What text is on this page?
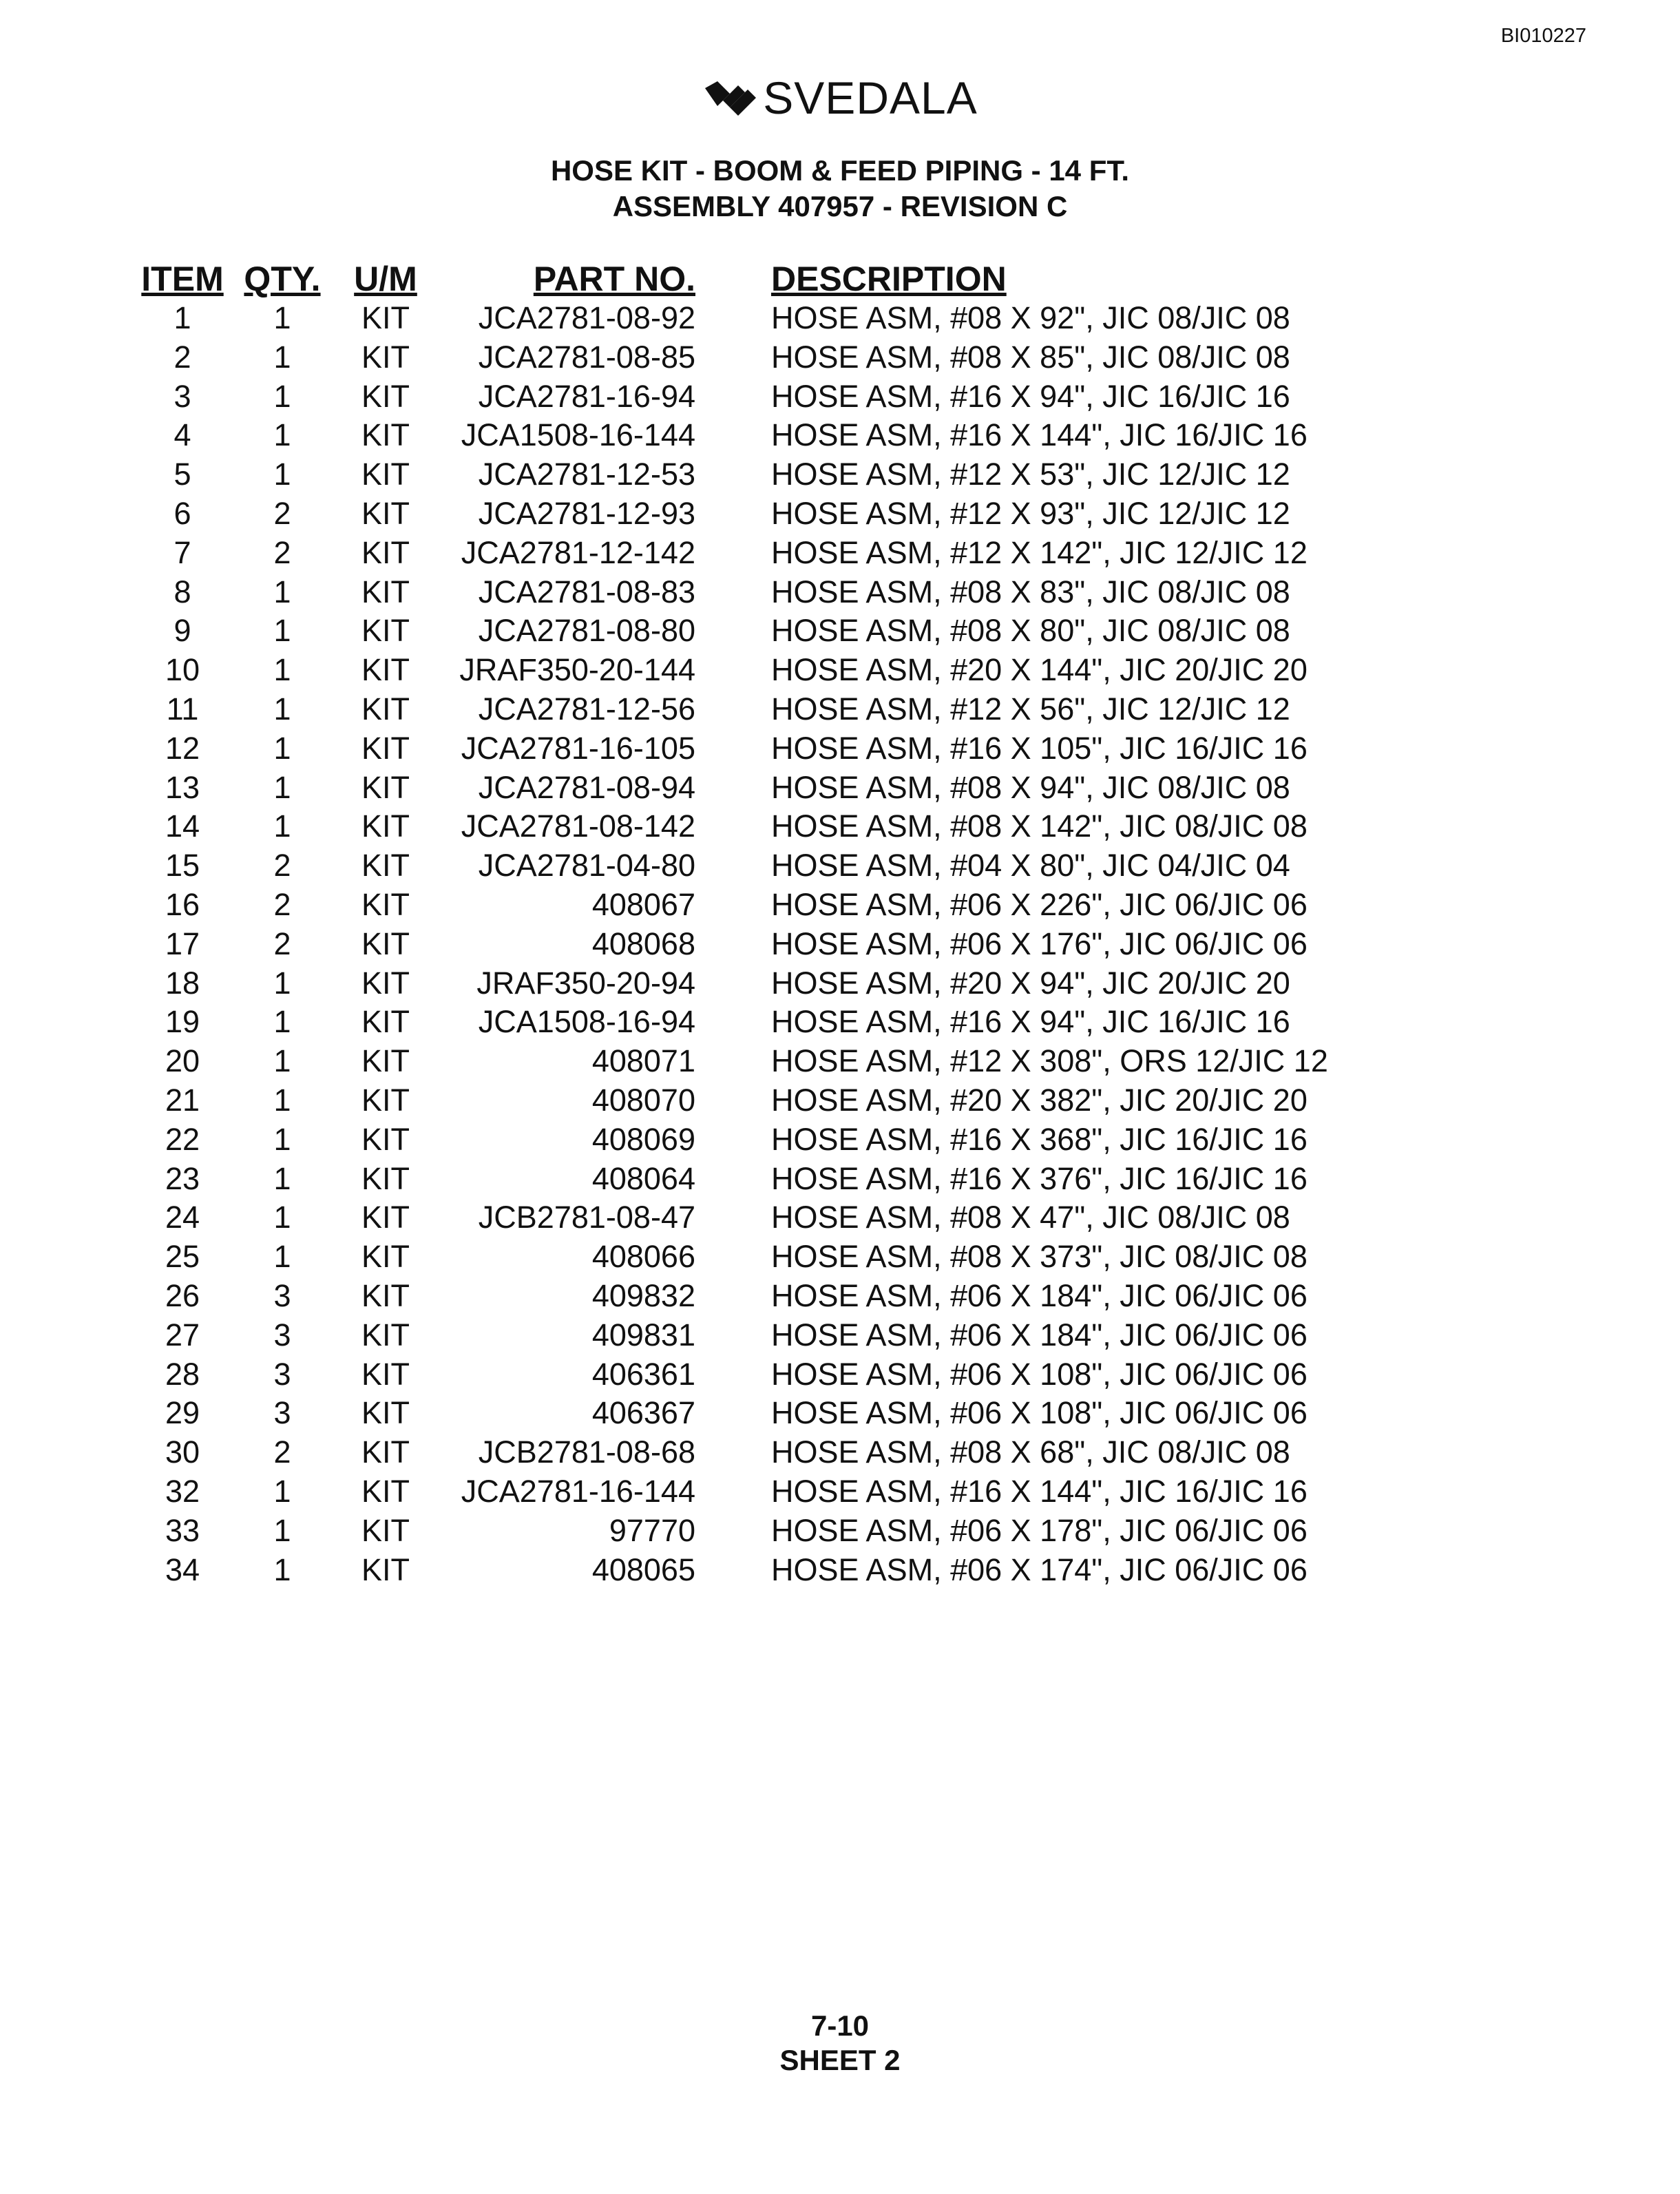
BI010227
SVEDALA
HOSE KIT - BOOM & FEED PIPING - 14 FT.
ASSEMBLY 407957 - REVISION C
ITEM	QTY.	U/M	PART NO.	DESCRIPTION
1	1	KIT	JCA2781-08-92	HOSE ASM, #08 X 92", JIC 08/JIC 08
2	1	KIT	JCA2781-08-85	HOSE ASM, #08 X 85", JIC 08/JIC 08
3	1	KIT	JCA2781-16-94	HOSE ASM, #16 X 94", JIC 16/JIC 16
4	1	KIT	JCA1508-16-144	HOSE ASM, #16 X 144", JIC 16/JIC 16
5	1	KIT	JCA2781-12-53	HOSE ASM, #12 X 53", JIC 12/JIC 12
6	2	KIT	JCA2781-12-93	HOSE ASM, #12 X 93", JIC 12/JIC 12
7	2	KIT	JCA2781-12-142	HOSE ASM, #12 X 142", JIC 12/JIC 12
8	1	KIT	JCA2781-08-83	HOSE ASM, #08 X 83", JIC 08/JIC 08
9	1	KIT	JCA2781-08-80	HOSE ASM, #08 X 80", JIC 08/JIC 08
10	1	KIT	JRAF350-20-144	HOSE ASM, #20 X 144", JIC 20/JIC 20
11	1	KIT	JCA2781-12-56	HOSE ASM, #12 X 56", JIC 12/JIC 12
12	1	KIT	JCA2781-16-105	HOSE ASM, #16 X 105", JIC 16/JIC 16
13	1	KIT	JCA2781-08-94	HOSE ASM, #08 X 94", JIC 08/JIC 08
14	1	KIT	JCA2781-08-142	HOSE ASM, #08 X 142", JIC 08/JIC 08
15	2	KIT	JCA2781-04-80	HOSE ASM, #04 X 80", JIC 04/JIC 04
16	2	KIT	408067	HOSE ASM, #06 X 226", JIC 06/JIC 06
17	2	KIT	408068	HOSE ASM, #06 X 176", JIC 06/JIC 06
18	1	KIT	JRAF350-20-94	HOSE ASM, #20 X 94", JIC 20/JIC 20
19	1	KIT	JCA1508-16-94	HOSE ASM, #16 X 94", JIC 16/JIC 16
20	1	KIT	408071	HOSE ASM, #12 X 308", ORS 12/JIC 12
21	1	KIT	408070	HOSE ASM, #20 X 382", JIC 20/JIC 20
22	1	KIT	408069	HOSE ASM, #16 X 368", JIC 16/JIC 16
23	1	KIT	408064	HOSE ASM, #16 X 376", JIC 16/JIC 16
24	1	KIT	JCB2781-08-47	HOSE ASM, #08 X 47", JIC 08/JIC 08
25	1	KIT	408066	HOSE ASM, #08 X 373", JIC 08/JIC 08
26	3	KIT	409832	HOSE ASM, #06 X 184", JIC 06/JIC 06
27	3	KIT	409831	HOSE ASM, #06 X 184", JIC 06/JIC 06
28	3	KIT	406361	HOSE ASM, #06 X 108", JIC 06/JIC 06
29	3	KIT	406367	HOSE ASM, #06 X 108", JIC 06/JIC 06
30	2	KIT	JCB2781-08-68	HOSE ASM, #08 X 68", JIC 08/JIC 08
32	1	KIT	JCA2781-16-144	HOSE ASM, #16 X 144", JIC 16/JIC 16
33	1	KIT	97770	HOSE ASM, #06 X 178", JIC 06/JIC 06
34	1	KIT	408065	HOSE ASM, #06 X 174", JIC 06/JIC 06
7-10
SHEET 2
